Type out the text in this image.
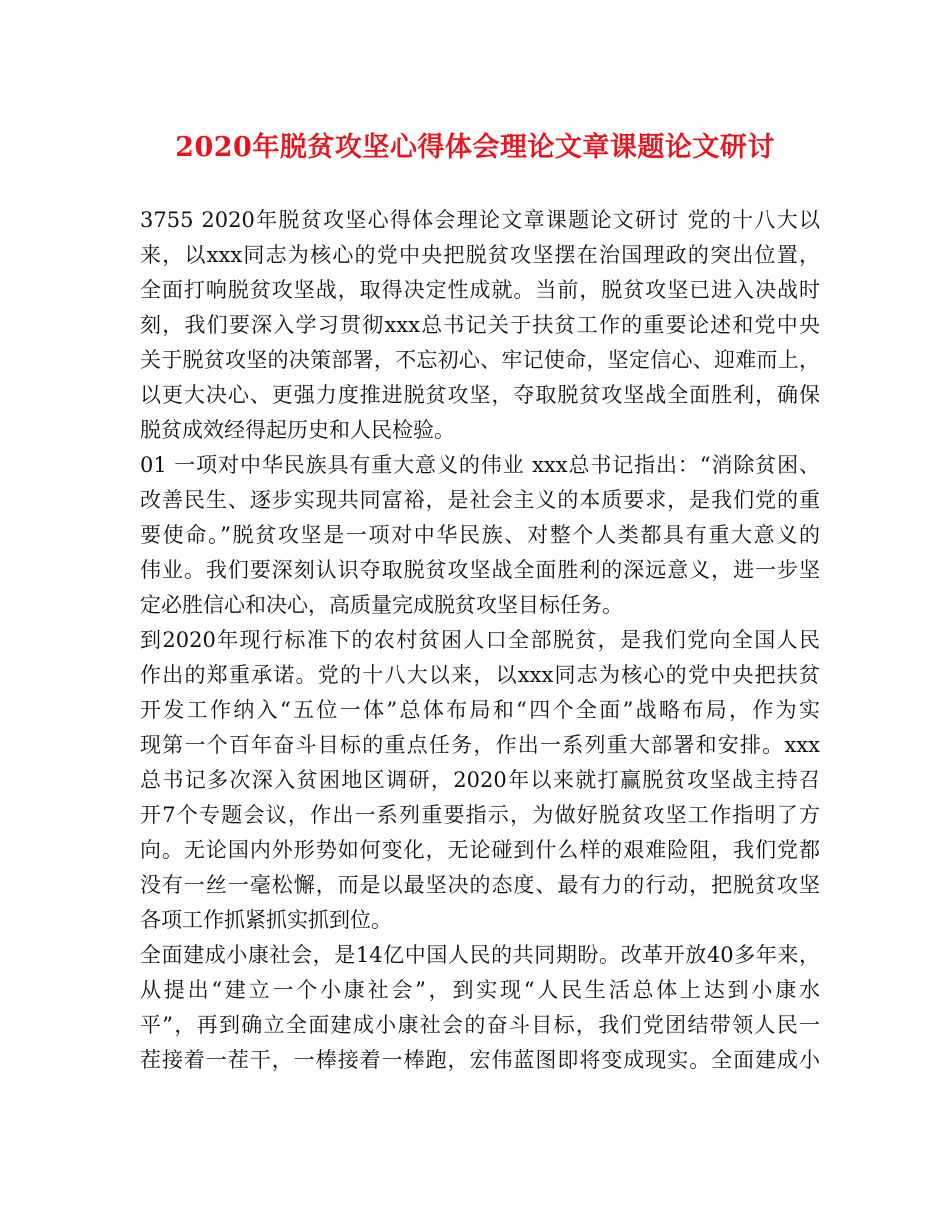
2020年脱贫攻坚心得体会理论文章课题论文研讨
3755 2020年脱贫攻坚心得体会理论文章课题论文研讨 党的十八大以
来，以xxx同志为核心的党中央把脱贫攻坚摆在治国理政的突出位置，
全面打响脱贫攻坚战，取得决定性成就。当前，脱贫攻坚已进入决战时
刻，我们要深入学习贯彻xxx总书记关于扶贫工作的重要论述和党中央
关于脱贫攻坚的决策部署，不忘初心、牢记使命，坚定信心、迎难而上，
以更大决心、更强力度推进脱贫攻坚，夺取脱贫攻坚战全面胜利，确保
脱贫成效经得起历史和人民检验。
01 一项对中华民族具有重大意义的伟业 xxx总书记指出：“消除贫困、
改善民生、逐步实现共同富裕，是社会主义的本质要求，是我们党的重
要使命。”脱贫攻坚是一项对中华民族、对整个人类都具有重大意义的
伟业。我们要深刻认识夺取脱贫攻坚战全面胜利的深远意义，进一步坚
定必胜信心和决心，高质量完成脱贫攻坚目标任务。
到2020年现行标准下的农村贫困人口全部脱贫，是我们党向全国人民
作出的郑重承诺。党的十八大以来，以xxx同志为核心的党中央把扶贫
开发工作纳入“五位一体”总体布局和“四个全面”战略布局，作为实
现第一个百年奋斗目标的重点任务，作出一系列重大部署和安排。xxx
总书记多次深入贫困地区调研，2020年以来就打赢脱贫攻坚战主持召
开7个专题会议，作出一系列重要指示，为做好脱贫攻坚工作指明了方
向。无论国内外形势如何变化，无论碰到什么样的艰难险阻，我们党都
没有一丝一毫松懈，而是以最坚决的态度、最有力的行动，把脱贫攻坚
各项工作抓紧抓实抓到位。
全面建成小康社会，是14亿中国人民的共同期盼。改革开放40多年来，
从提出“建立一个小康社会”，到实现“人民生活总体上达到小康水
平”，再到确立全面建成小康社会的奋斗目标，我们党团结带领人民一
茬接着一茬干，一棒接着一棒跑，宏伟蓝图即将变成现实。全面建成小
